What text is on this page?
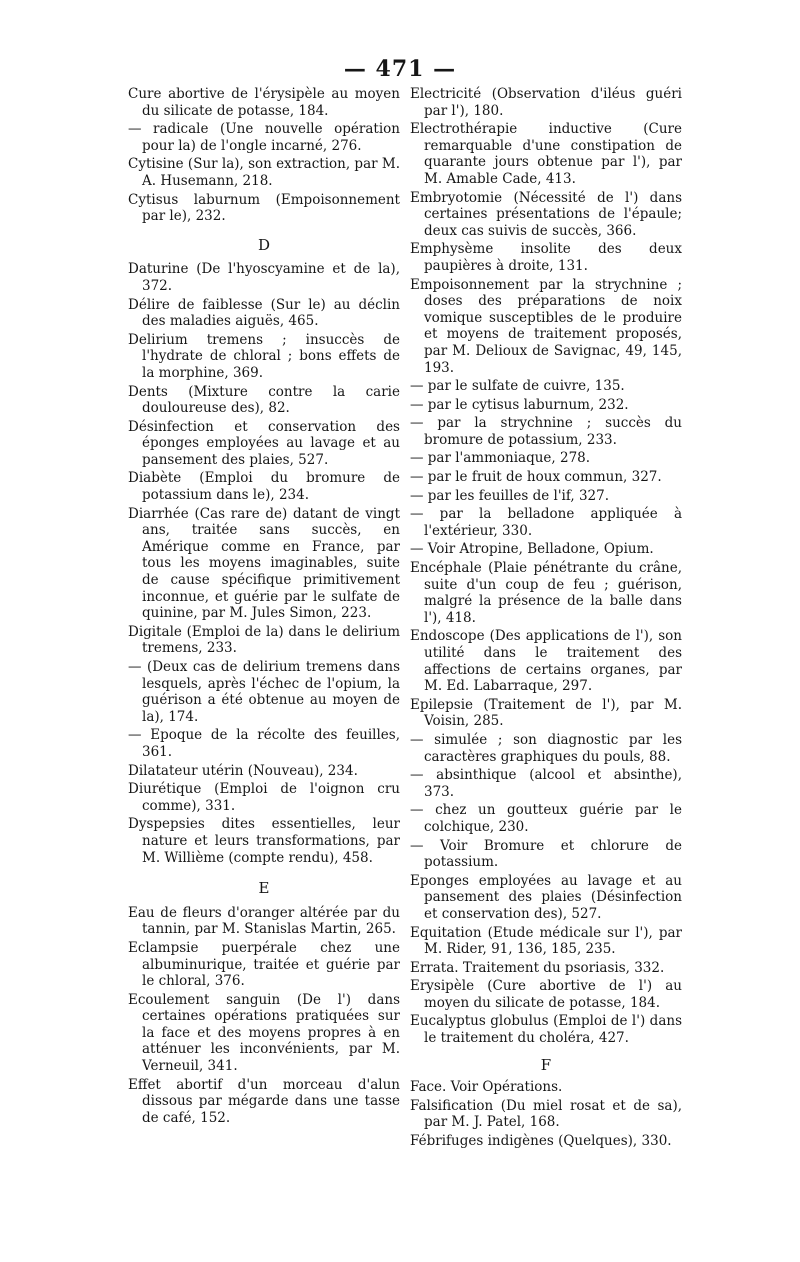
— 471 —

Cure abortive de l'érysipèle au moyen du silicate de potasse, 184.

— radicale (Une nouvelle opération pour la) de l'ongle incarné, 276.

Cytisine (Sur la), son extraction, par M. A. Husemann, 218.

Cytisus laburnum (Empoisonnement par le), 232.

D

Daturine (De l'hyoscyamine et de la), 372.

Délire de faiblesse (Sur le) au déclin des maladies aiguës, 465.

Delirium tremens ; insuccès de l'hydrate de chloral ; bons effets de la morphine, 369.

Dents (Mixture contre la carie douloureuse des), 82.

Désinfection et conservation des éponges employées au lavage et au pansement des plaies, 527.

Diabète (Emploi du bromure de potassium dans le), 234.

Diarrhée (Cas rare de) datant de vingt ans, traitée sans succès, en Amérique comme en France, par tous les moyens imaginables, suite de cause spécifique primitivement inconnue, et guérie par le sulfate de quinine, par M. Jules Simon, 223.

Digitale (Emploi de la) dans le delirium tremens, 233.

— (Deux cas de delirium tremens dans lesquels, après l'échec de l'opium, la guérison a été obtenue au moyen de la), 174.

— Epoque de la récolte des feuilles, 361.

Dilatateur utérin (Nouveau), 234.

Diurétique (Emploi de l'oignon cru comme), 331.

Dyspepsies dites essentielles, leur nature et leurs transformations, par M. Willième (compte rendu), 458.

E

Eau de fleurs d'oranger altérée par du tannin, par M. Stanislas Martin, 265.

Eclampsie puerpérale chez une albuminurique, traitée et guérie par le chloral, 376.

Ecoulement sanguin (De l') dans certaines opérations pratiquées sur la face et des moyens propres à en atténuer les inconvénients, par M. Verneuil, 341.

Effet abortif d'un morceau d'alun dissous par mégarde dans une tasse de café, 152.

Electricité (Observation d'iléus guéri par l'), 180.

Electrothérapie inductive (Cure remarquable d'une constipation de quarante jours obtenue par l'), par M. Amable Cade, 413.

Embryotomie (Nécessité de l') dans certaines présentations de l'épaule; deux cas suivis de succès, 366.

Emphysème insolite des deux paupières à droite, 131.

Empoisonnement par la strychnine ; doses des préparations de noix vomique susceptibles de le produire et moyens de traitement proposés, par M. Delioux de Savignac, 49, 145, 193.

— par le sulfate de cuivre, 135.

— par le cytisus laburnum, 232.

— par la strychnine ; succès du bromure de potassium, 233.

— par l'ammoniaque, 278.

— par le fruit de houx commun, 327.

— par les feuilles de l'if, 327.

— par la belladone appliquée à l'extérieur, 330.

— Voir Atropine, Belladone, Opium.

Encéphale (Plaie pénétrante du crâne, suite d'un coup de feu ; guérison, malgré la présence de la balle dans l'), 418.

Endoscope (Des applications de l'), son utilité dans le traitement des affections de certains organes, par M. Ed. Labarraque, 297.

Epilepsie (Traitement de l'), par M. Voisin, 285.

— simulée ; son diagnostic par les caractères graphiques du pouls, 88.

— absinthique (alcool et absinthe), 373.

— chez un goutteux guérie par le colchique, 230.

— Voir Bromure et chlorure de potassium.

Eponges employées au lavage et au pansement des plaies (Désinfection et conservation des), 527.

Equitation (Etude médicale sur l'), par M. Rider, 91, 136, 185, 235.

Errata. Traitement du psoriasis, 332.

Erysipèle (Cure abortive de l') au moyen du silicate de potasse, 184.

Eucalyptus globulus (Emploi de l') dans le traitement du choléra, 427.

F

Face. Voir Opérations.

Falsification (Du miel rosat et de sa), par M. J. Patel, 168.

Fébrifuges indigènes (Quelques), 330.
